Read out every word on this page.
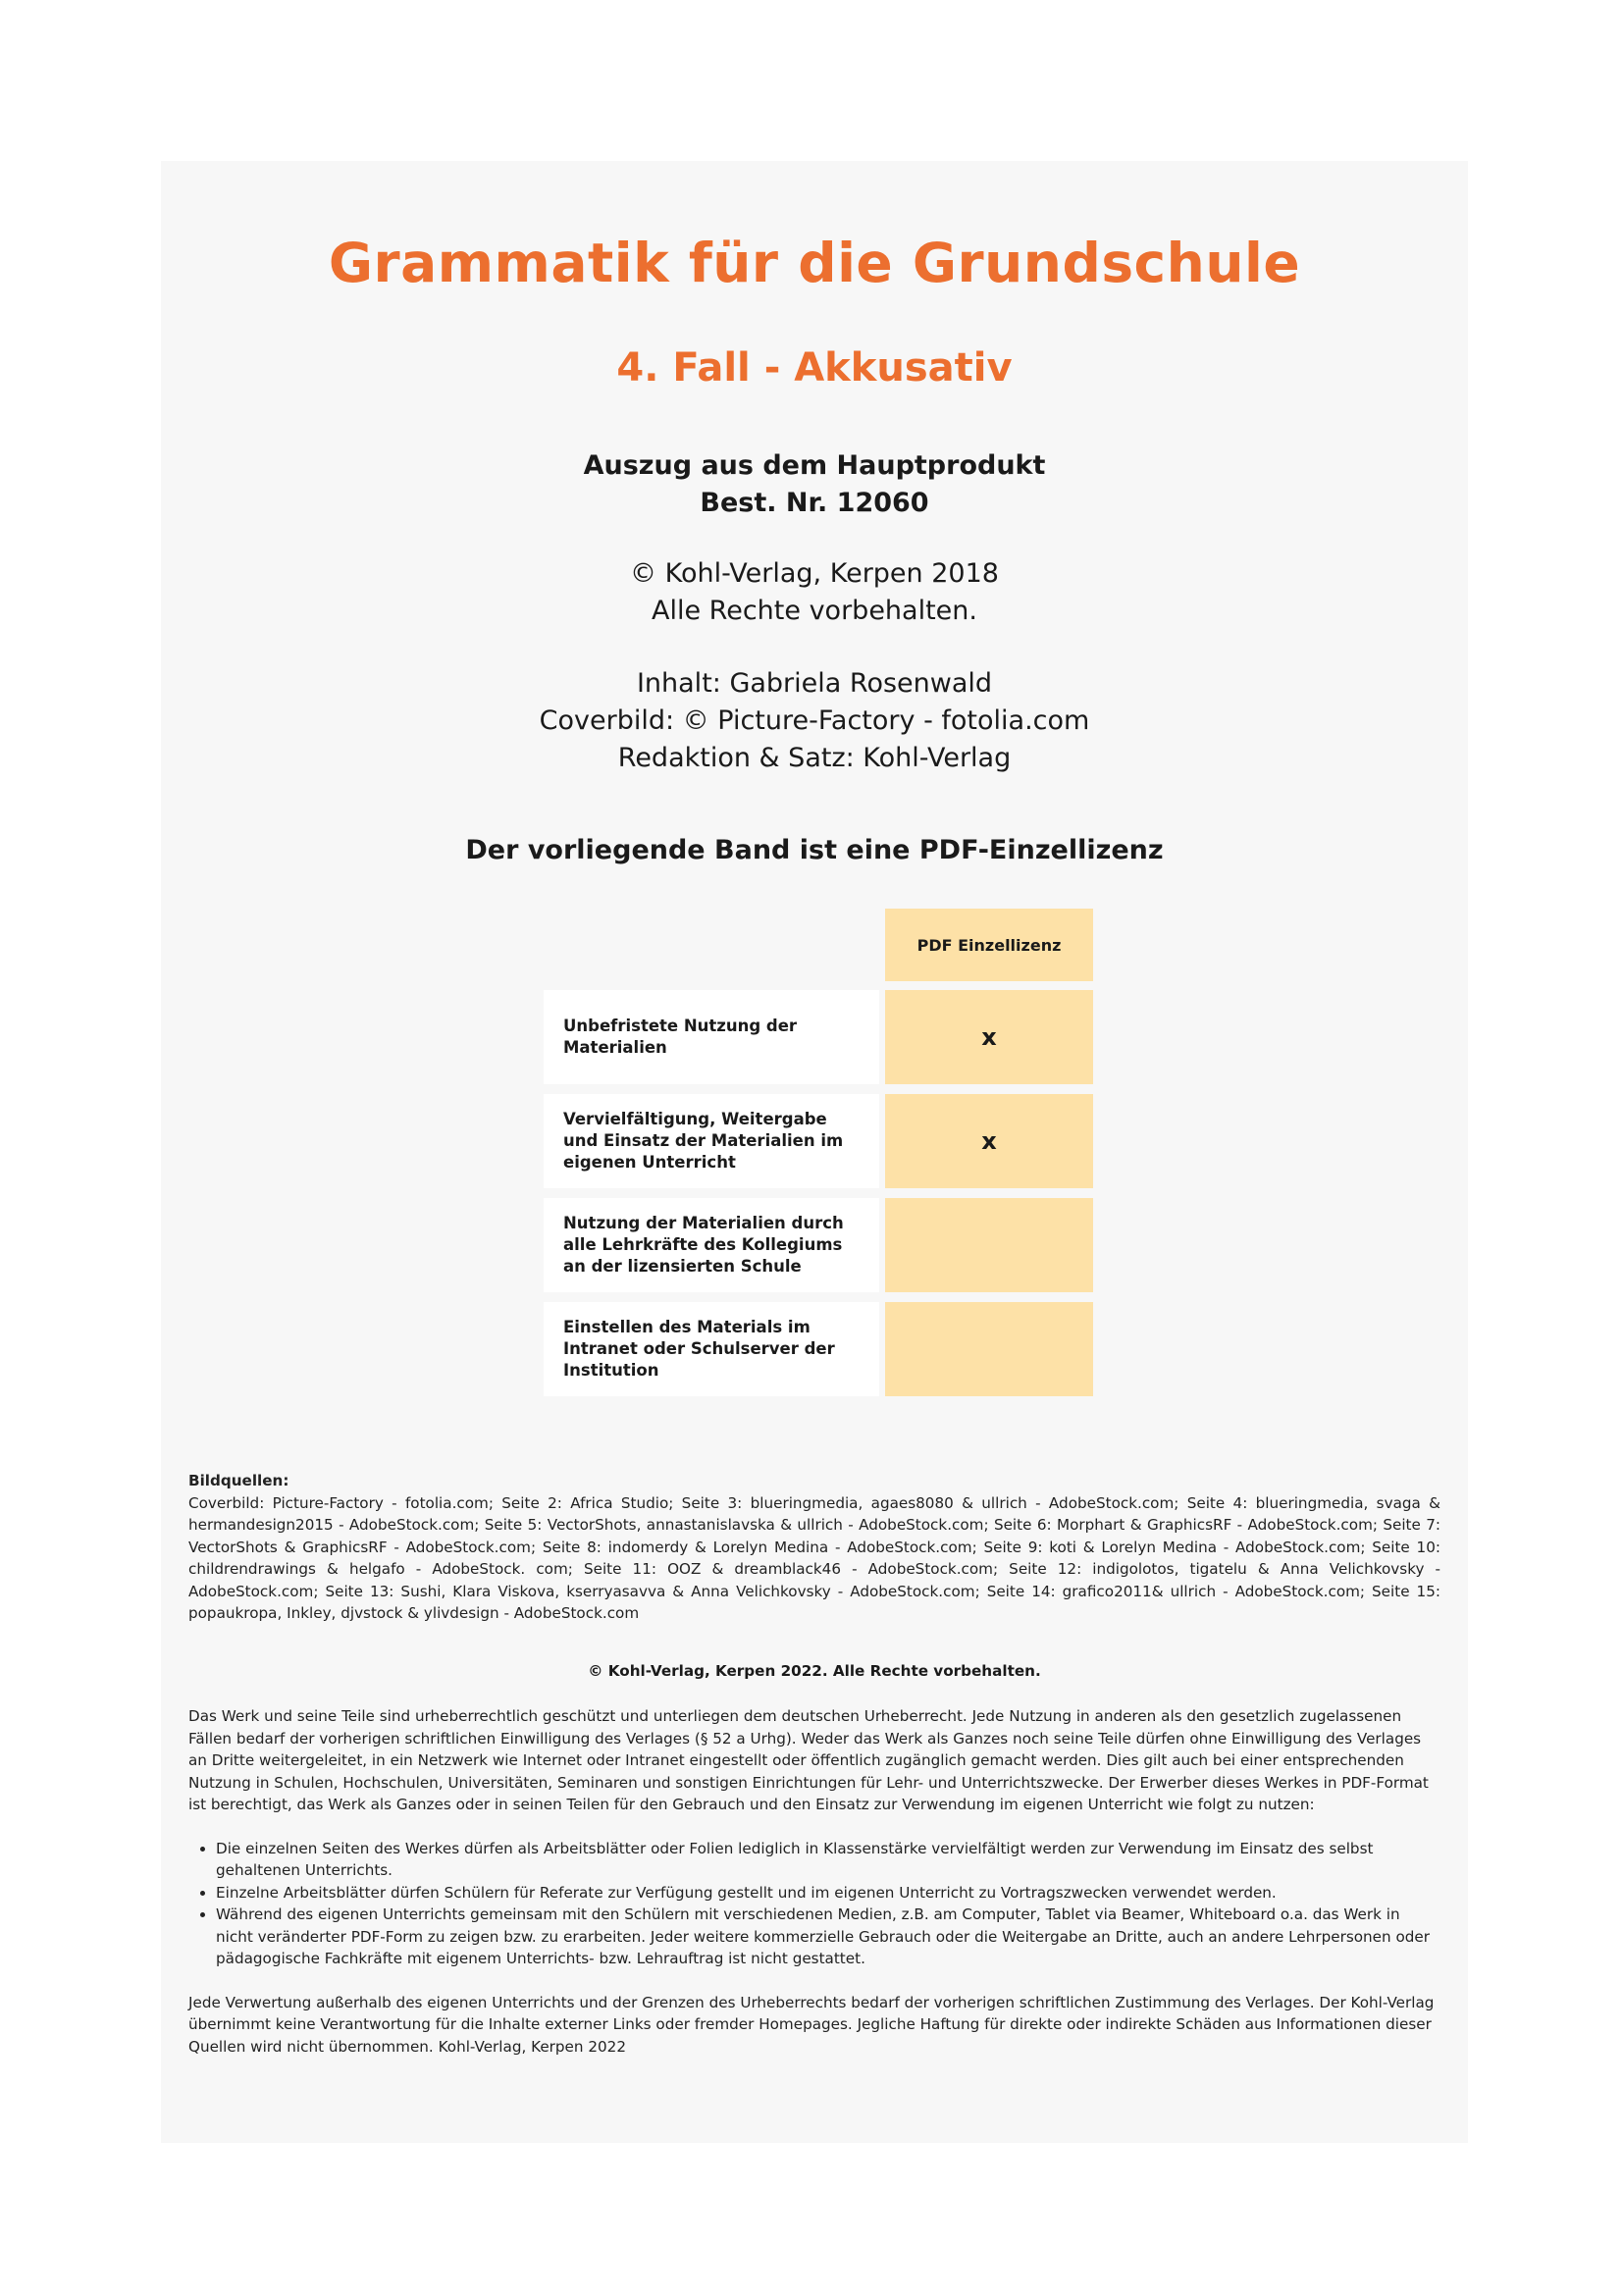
Grammatik für die Grundschule
4. Fall - Akkusativ
Auszug aus dem Hauptprodukt
Best. Nr. 12060
© Kohl-Verlag, Kerpen 2018
Alle Rechte vorbehalten.
Inhalt: Gabriela Rosenwald
Coverbild: © Picture-Factory - fotolia.com
Redaktion & Satz: Kohl-Verlag
Der vorliegende Band ist eine PDF-Einzellizenz
PDF Einzellizenz
Unbefristete Nutzung der Materialien	x
Vervielfältigung, Weitergabe und Einsatz der Materialien im eigenen Unterricht
x
Nutzung der Materialien durch alle Lehrkräfte des Kollegiums an der lizensierten Schule
Einstellen des Materials im Intranet oder Schulserver der Institution
Bildquellen:
Coverbild: Picture-Factory - fotolia.com; Seite 2: Africa Studio; Seite 3: blueringmedia, agaes8080 & ullrich - AdobeStock.com; Seite 4: blueringmedia, svaga & hermandesign2015 - AdobeStock.com; Seite 5: VectorShots, annastanislavska & ullrich - AdobeStock.com; Seite 6: Morphart & GraphicsRF - AdobeStock.com; Seite 7: VectorShots & GraphicsRF - AdobeStock.com; Seite 8: indomerdy & Lorelyn Medina - AdobeStock.com; Seite 9: koti & Lorelyn Medina - AdobeStock.com; Seite 10: childrendrawings & helgafo - AdobeStock. com; Seite 11: OOZ & dreamblack46 - AdobeStock.com; Seite 12: indigolotos, tigatelu & Anna Velichkovsky - AdobeStock.com; Seite 13: Sushi, Klara Viskova, kserryasavva & Anna Velichkovsky - AdobeStock.com; Seite 14: grafico2011& ullrich - AdobeStock.com; Seite 15: popaukropa, Inkley, djvstock & ylivdesign - AdobeStock.com
© Kohl-Verlag, Kerpen 2022. Alle Rechte vorbehalten.

Das Werk und seine Teile sind urheberrechtlich geschützt und unterliegen dem deutschen Urheberrecht. Jede Nutzung in anderen als den gesetzlich zugelassenen Fällen bedarf der vorherigen schriftlichen Einwilligung des Verlages (§ 52 a Urhg). Weder das Werk als Ganzes noch seine Teile dürfen ohne Einwilligung des Verlages an Dritte weitergeleitet, in ein Netzwerk wie Internet oder Intranet eingestellt oder öffentlich zugänglich gemacht werden. Dies gilt auch bei einer entsprechenden Nutzung in Schulen, Hochschulen, Universitäten, Seminaren und sonstigen Einrichtungen für Lehr- und Unterrichtszwecke. Der Erwerber dieses Werkes in PDF-Format ist berechtigt, das Werk als Ganzes oder in seinen Teilen für den Gebrauch und den Einsatz zur Verwendung im eigenen Unterricht wie folgt zu nutzen:

• Die einzelnen Seiten des Werkes dürfen als Arbeitsblätter oder Folien lediglich in Klassenstärke vervielfältigt werden zur Verwendung im Einsatz des selbst gehaltenen Unterrichts.
• Einzelne Arbeitsblätter dürfen Schülern für Referate zur Verfügung gestellt und im eigenen Unterricht zu Vortragszwecken verwendet werden.
• Während des eigenen Unterrichts gemeinsam mit den Schülern mit verschiedenen Medien, z.B. am Computer, Tablet via Beamer, Whiteboard o.a. das Werk in nicht veränderter PDF-Form zu zeigen bzw. zu erarbeiten. Jeder weitere kommerzielle Gebrauch oder die Weitergabe an Dritte, auch an andere Lehrpersonen oder pädagogische Fachkräfte mit eigenem Unterrichts- bzw. Lehrauftrag ist nicht gestattet.

Jede Verwertung außerhalb des eigenen Unterrichts und der Grenzen des Urheberrechts bedarf der vorherigen schriftlichen Zustimmung des Verlages. Der Kohl-Verlag übernimmt keine Verantwortung für die Inhalte externer Links oder fremder Homepages. Jegliche Haftung für direkte oder indirekte Schäden aus Informationen dieser Quellen wird nicht übernommen. Kohl-Verlag, Kerpen 2022
